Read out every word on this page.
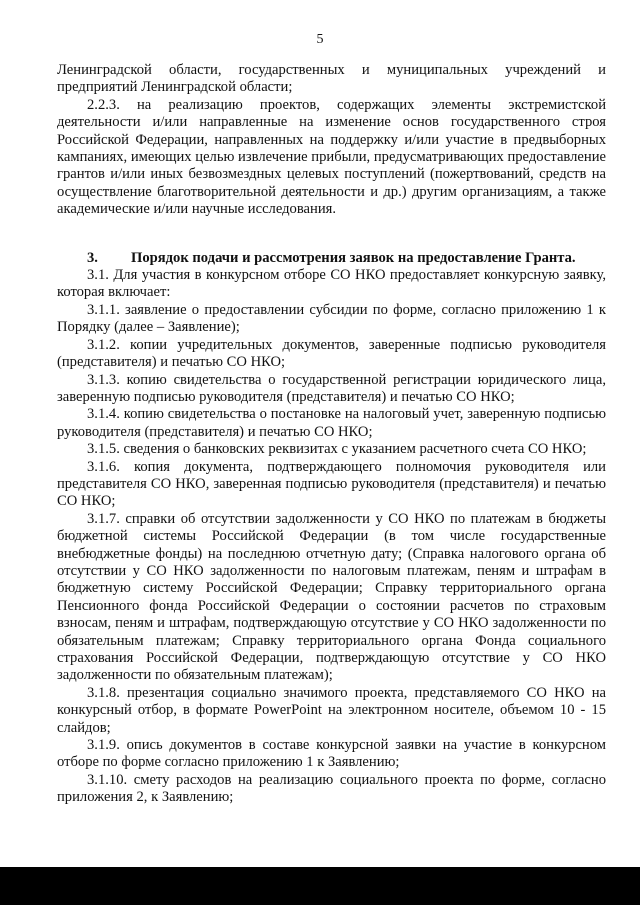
5

Ленинградской области, государственных и муниципальных учреждений и предприятий Ленинградской области;

2.2.3. на реализацию проектов, содержащих элементы экстремистской деятельности и/или направленные на изменение основ государственного строя Российской Федерации, направленных на поддержку и/или участие в предвыборных кампаниях, имеющих целью извлечение прибыли, предусматривающих предоставление грантов и/или иных безвозмездных целевых поступлений (пожертвований, средств на осуществление благотворительной деятельности и др.) другим организациям, а также академические и/или научные исследования.

3. Порядок подачи и рассмотрения заявок на предоставление Гранта.

3.1. Для участия в конкурсном отборе СО НКО предоставляет конкурсную заявку, которая включает:

3.1.1. заявление о предоставлении субсидии по форме, согласно приложению 1 к Порядку (далее – Заявление);

3.1.2. копии учредительных документов, заверенные подписью руководителя (представителя) и печатью СО НКО;

3.1.3. копию свидетельства о государственной регистрации юридического лица, заверенную подписью руководителя (представителя) и печатью СО НКО;

3.1.4. копию свидетельства о постановке на налоговый учет, заверенную подписью руководителя (представителя) и печатью СО НКО;

3.1.5. сведения о банковских реквизитах с указанием расчетного счета СО НКО;

3.1.6. копия документа, подтверждающего полномочия руководителя или представителя СО НКО, заверенная подписью руководителя (представителя) и печатью СО НКО;

3.1.7. справки об отсутствии задолженности у СО НКО по платежам в бюджеты бюджетной системы Российской Федерации (в том числе государственные внебюджетные фонды) на последнюю отчетную дату; (Справка налогового органа об отсутствии у СО НКО задолженности по налоговым платежам, пеням и штрафам в бюджетную систему Российской Федерации; Справку территориального органа Пенсионного фонда Российской Федерации о состоянии расчетов по страховым взносам, пеням и штрафам, подтверждающую отсутствие у СО НКО задолженности по обязательным платежам; Справку территориального органа Фонда социального страхования Российской Федерации, подтверждающую отсутствие у СО НКО задолженности по обязательным платежам);

3.1.8. презентация социально значимого проекта, представляемого СО НКО на конкурсный отбор, в формате PowerPoint на электронном носителе, объемом 10 - 15 слайдов;

3.1.9. опись документов в составе конкурсной заявки на участие в конкурсном отборе по форме согласно приложению 1 к Заявлению;

3.1.10. смету расходов на реализацию социального проекта по форме, согласно приложения 2, к Заявлению;
